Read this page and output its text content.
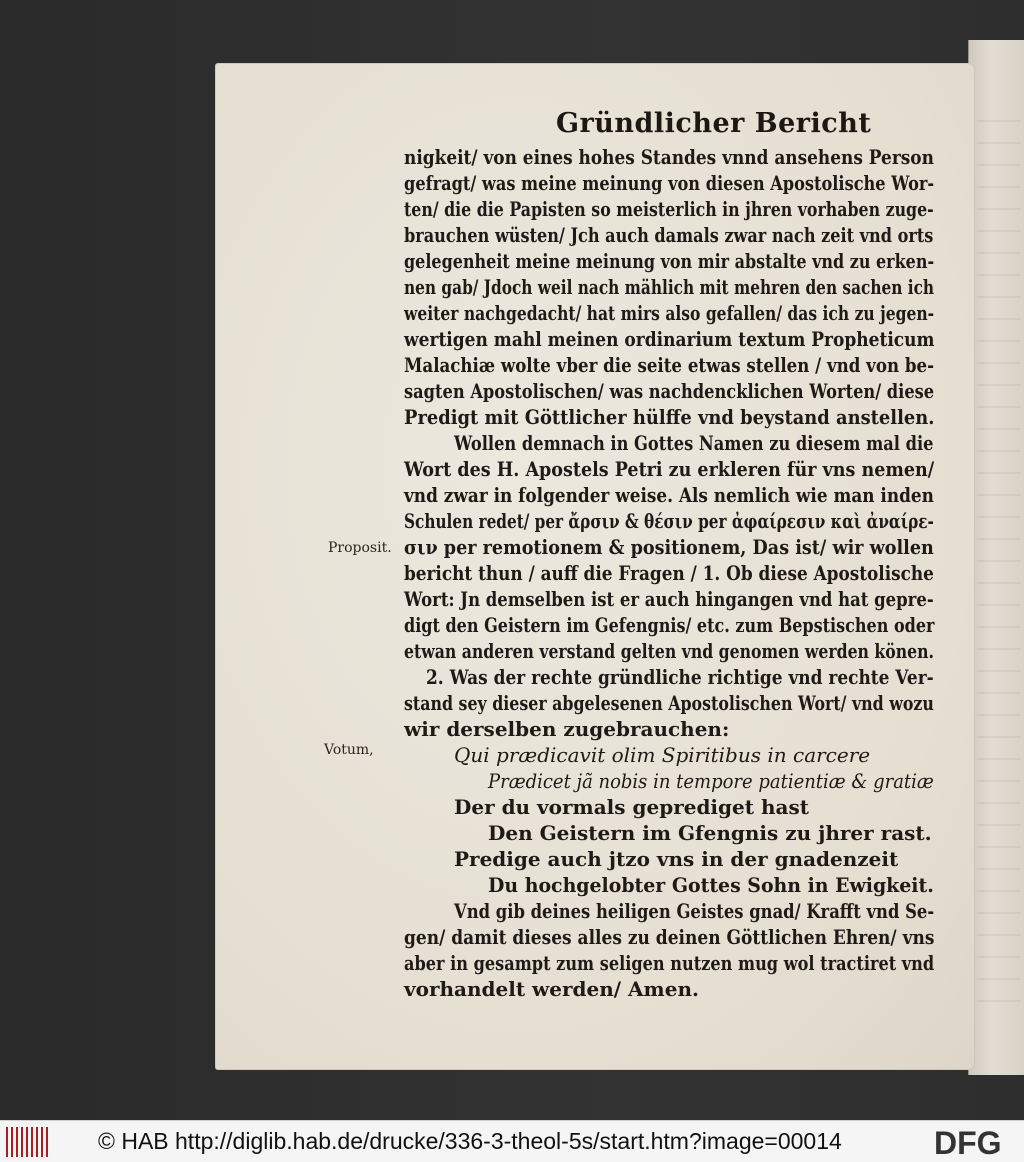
Gründlicher Bericht
Proposit.
Votum,
nigkeit/ von eines hohes Standes vnnd ansehens Person
gefragt/ was meine meinung von diesen Apostolische Wor-
ten/ die die Papisten so meisterlich in jhren vorhaben zuge-
brauchen wüsten/ Jch auch damals zwar nach zeit vnd orts
gelegenheit meine meinung von mir abstalte vnd zu erken-
nen gab/ Jdoch weil nach mählich mit mehren den sachen ich
weiter nachgedacht/ hat mirs also gefallen/ das ich zu jegen-
wertigen mahl meinen ordinarium textum Propheticum
Malachiæ wolte vber die seite etwas stellen / vnd von be-
sagten Apostolischen/ was nachdencklichen Worten/ diese
Predigt mit Göttlicher hülffe vnd beystand anstellen.
Wollen demnach in Gottes Namen zu diesem mal die
Wort des H. Apostels Petri zu erkleren für vns nemen/
vnd zwar in folgender weise. Als nemlich wie man inden
Schulen redet/ per ἄρσιν & θέσιν per ἀφαίρεσιν καὶ ἀναίρε-
σιν per remotionem & positionem, Das ist/ wir wollen
bericht thun / auff die Fragen / 1. Ob diese Apostolische
Wort: Jn demselben ist er auch hingangen vnd hat gepre-
digt den Geistern im Gefengnis/ etc. zum Bepstischen oder
etwan anderen verstand gelten vnd genomen werden könen.
2. Was der rechte gründliche richtige vnd rechte Ver-
stand sey dieser abgelesenen Apostolischen Wort/ vnd wozu
wir derselben zugebrauchen:
Qui prædicavit olim Spiritibus in carcere
Prædicet jã nobis in tempore patientiæ & gratiæ
Der du vormals geprediget hast
Den Geistern im Gfengnis zu jhrer rast.
Predige auch jtzo vns in der gnadenzeit
Du hochgelobter Gottes Sohn in Ewigkeit.
Vnd gib deines heiligen Geistes gnad/ Krafft vnd Se-
gen/ damit dieses alles zu deinen Göttlichen Ehren/ vns
aber in gesampt zum seligen nutzen mug wol tractiret vnd
vorhandelt werden/ Amen.
© HAB http://diglib.hab.de/drucke/336-3-theol-5s/start.htm?image=00014	DFG
